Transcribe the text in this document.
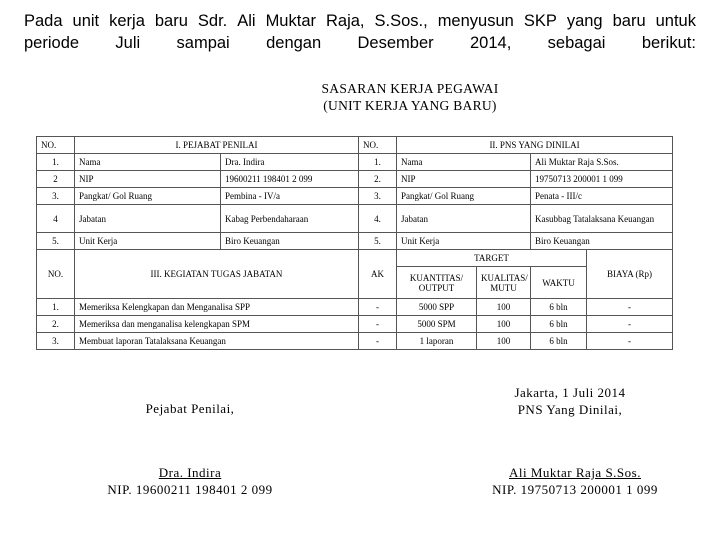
Pada unit kerja baru Sdr. Ali Muktar Raja, S.Sos., menyusun SKP yang baru untuk
periode Juli sampai dengan Desember 2014, sebagai berikut:
SASARAN KERJA PEGAWAI
(UNIT KERJA YANG BARU)
NO.	I. PEJABAT PENILAI		NO.	II. PNS YANG DINILAI			
1.	Nama	Dra. Indira	1.	Nama		Ali Muktar Raja S.Sos.	
2	NIP	19600211 198401 2 099	2.	NIP		19750713 200001 1 099	
3.	Pangkat/ Gol Ruang	Pembina - IV/a	3.	Pangkat/ Gol Ruang		Penata - III/c	
4	Jabatan	Kabag Perbendaharaan	4.	Jabatan		Kasubbag Tatalaksana Keuangan	
5.	Unit Kerja	Biro Keuangan	5.	Unit Kerja		Biro Keuangan	
NO.	III. KEGIATAN TUGAS JABATAN		AK	TARGET			BIAYA (Rp)
				KUANTITAS/ OUTPUT	KUALITAS/ MUTU	WAKTU	
1.	Memeriksa Kelengkapan dan Menganalisa SPP		-	5000 SPP	100	6 bln	-
2.	Memeriksa dan menganalisa kelengkapan SPM		-	5000 SPM	100	6 bln	-
3.	Membuat laporan Tatalaksana Keuangan		-	1 laporan	100	6 bln	-
Pejabat Penilai,
Dra. Indira
NIP. 19600211 198401 2 099
Jakarta, 1 Juli 2014
PNS Yang Dinilai,
Ali Muktar Raja S.Sos.
NIP. 19750713 200001 1 099
